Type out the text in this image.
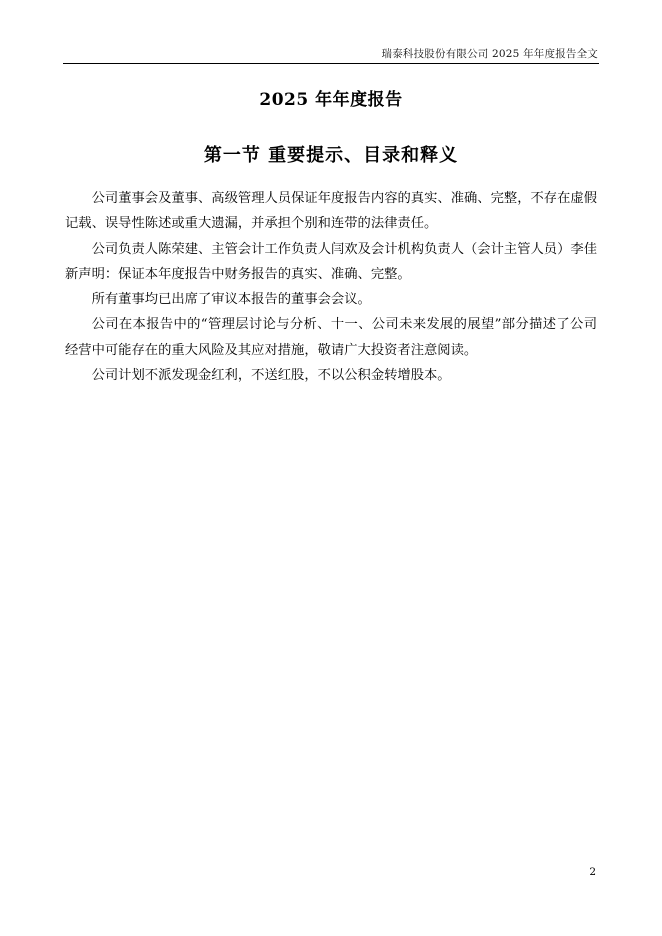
瑞泰科技股份有限公司 2025 年年度报告全文
2025 年年度报告
第一节 重要提示、目录和释义

公司董事会及董事、高级管理人员保证年度报告内容的真实、准确、完整，不存在虚假记载、误导性陈述或重大遗漏，并承担个别和连带的法律责任。

公司负责人陈荣建、主管会计工作负责人闫欢及会计机构负责人（会计主管人员）李佳新声明：保证本年度报告中财务报告的真实、准确、完整。

所有董事均已出席了审议本报告的董事会会议。

公司在本报告中的“管理层讨论与分析、十一、公司未来发展的展望”部分描述了公司经营中可能存在的重大风险及其应对措施，敬请广大投资者注意阅读。

公司计划不派发现金红利，不送红股，不以公积金转增股本。

2
